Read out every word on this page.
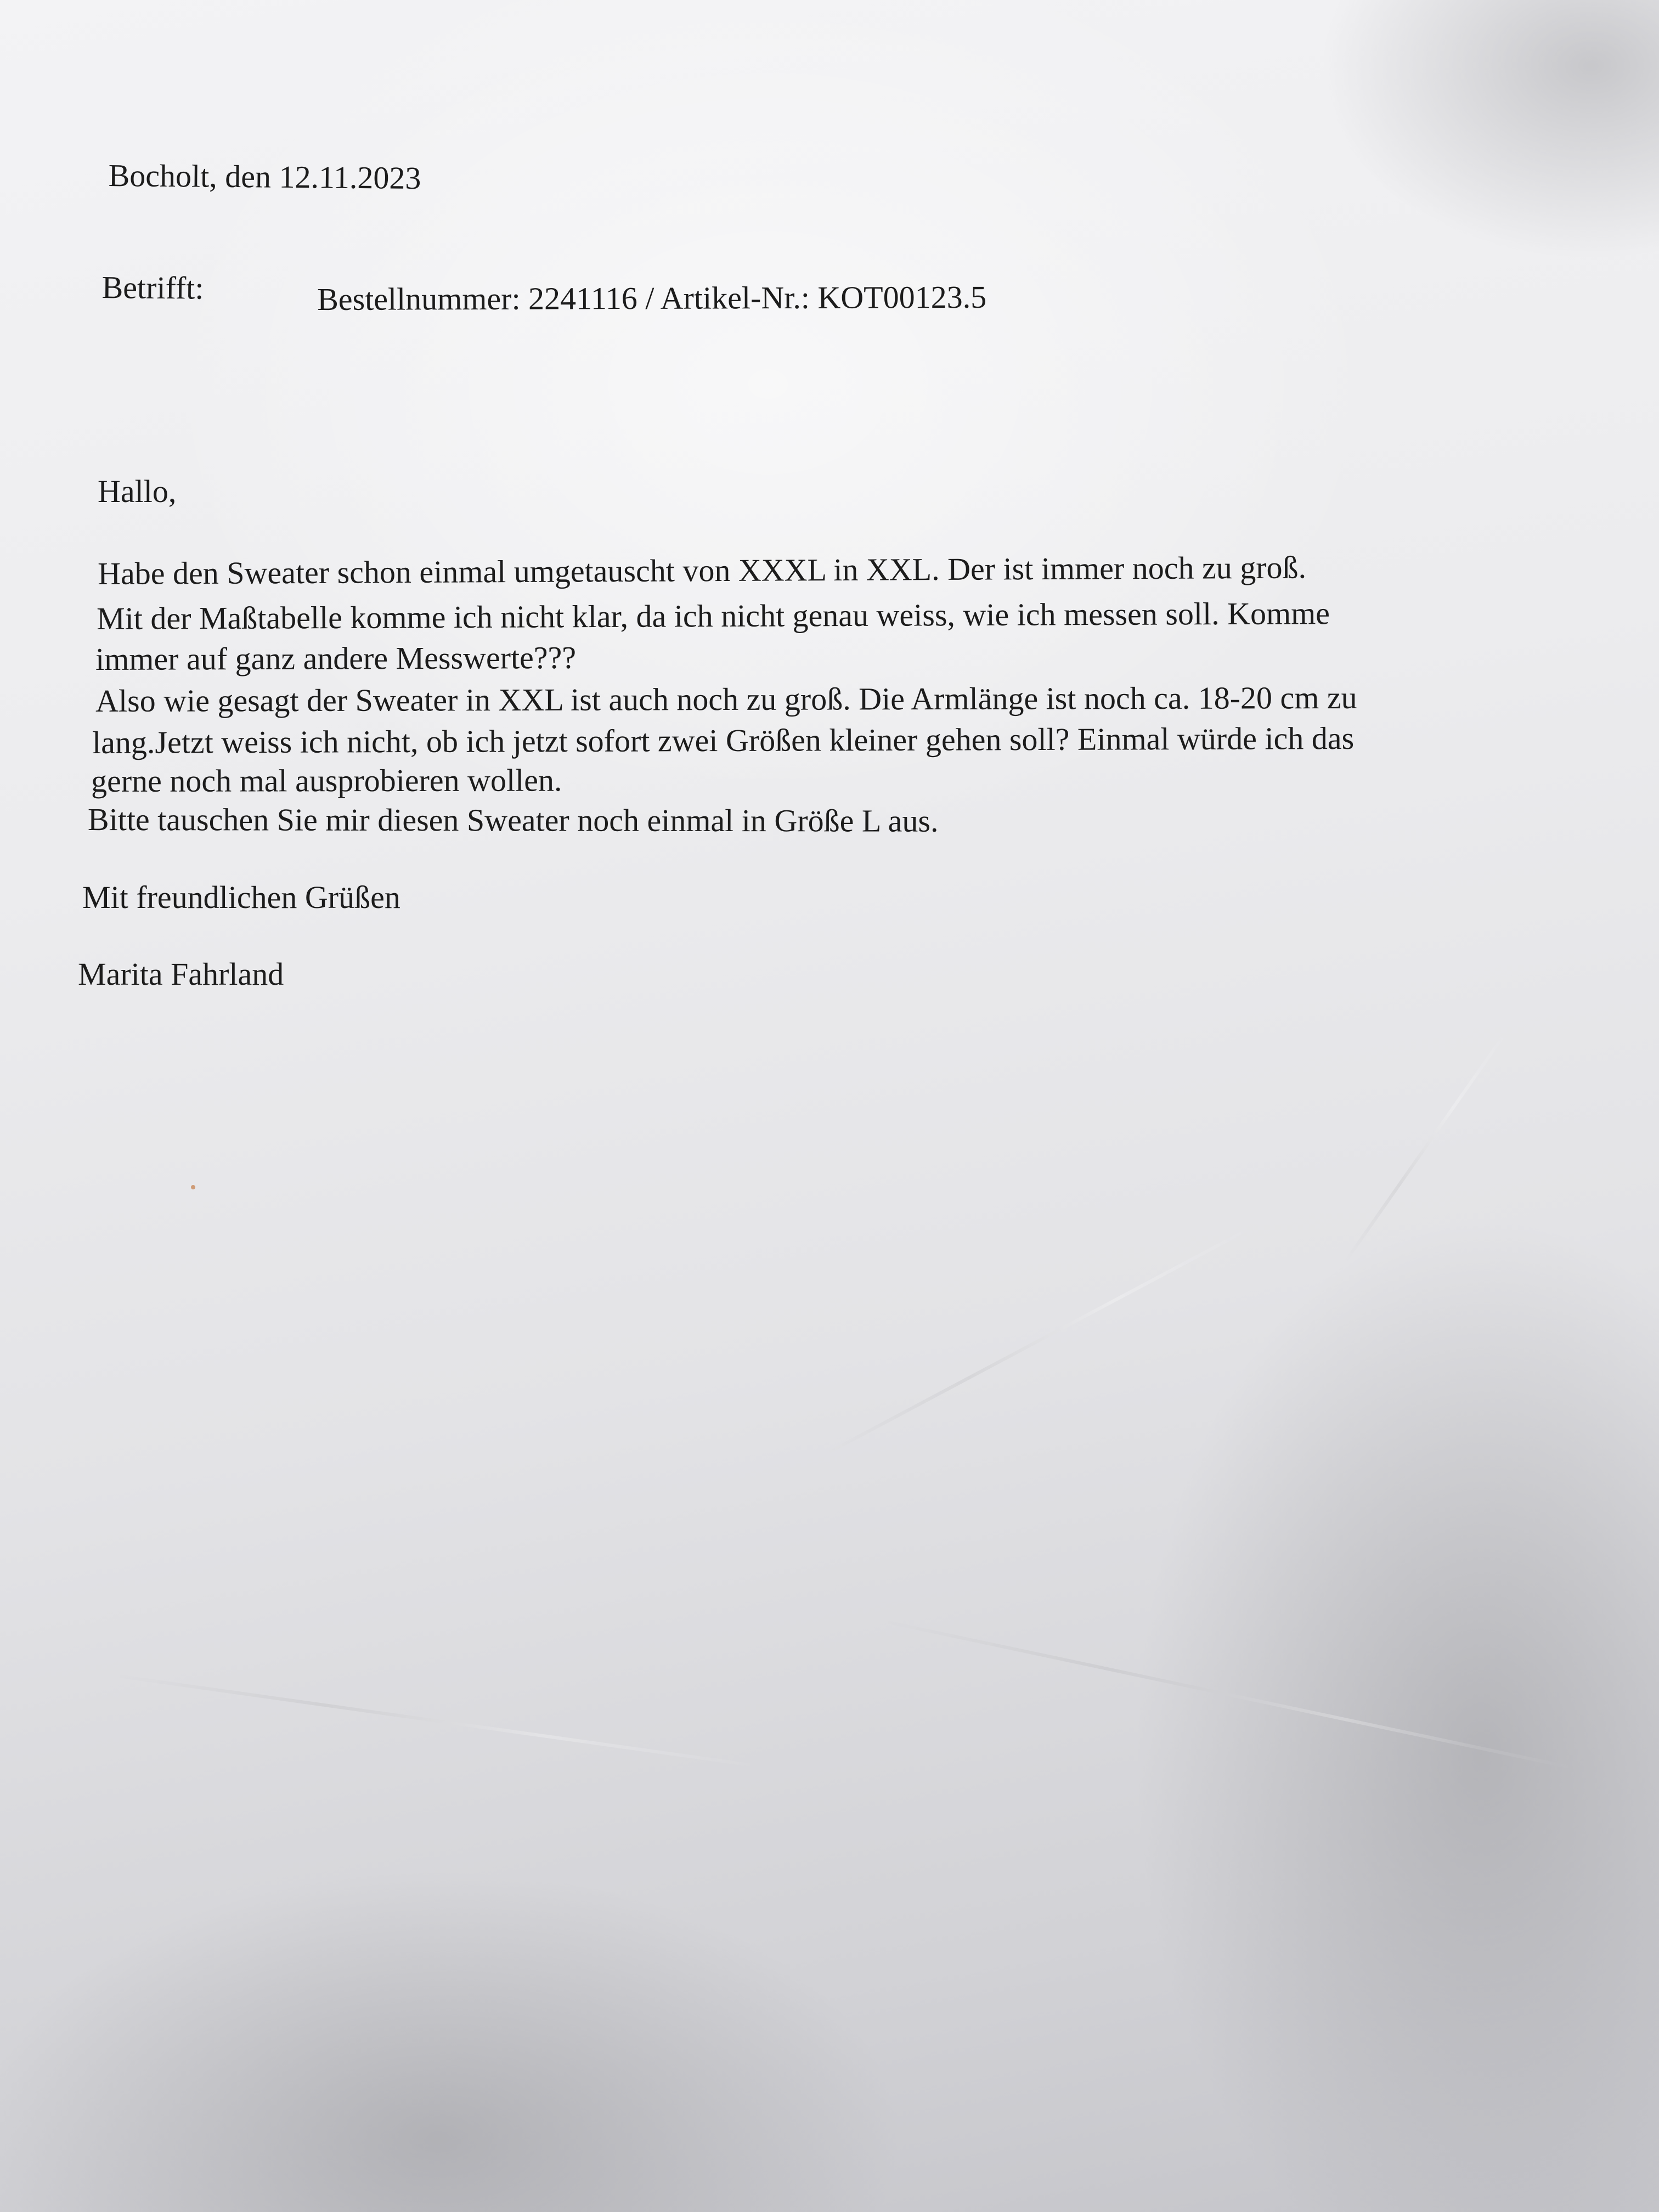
Bocholt, den 12.11.2023
Betrifft:	Bestellnummer: 2241116 / Artikel-Nr.: KOT00123.5
Hallo,
Habe den Sweater schon einmal umgetauscht von XXXL in XXL. Der ist immer noch zu groß.
Mit der Maßtabelle komme ich nicht klar, da ich nicht genau weiss, wie ich messen soll. Komme
immer auf ganz andere Messwerte???
Also wie gesagt der Sweater in XXL ist auch noch zu groß. Die Armlänge ist noch ca. 18-20 cm zu
lang.Jetzt weiss ich nicht, ob ich jetzt sofort zwei Größen kleiner gehen soll? Einmal würde ich das
gerne noch mal ausprobieren wollen.
Bitte tauschen Sie mir diesen Sweater noch einmal in Größe L aus.
Mit freundlichen Grüßen
Marita Fahrland
